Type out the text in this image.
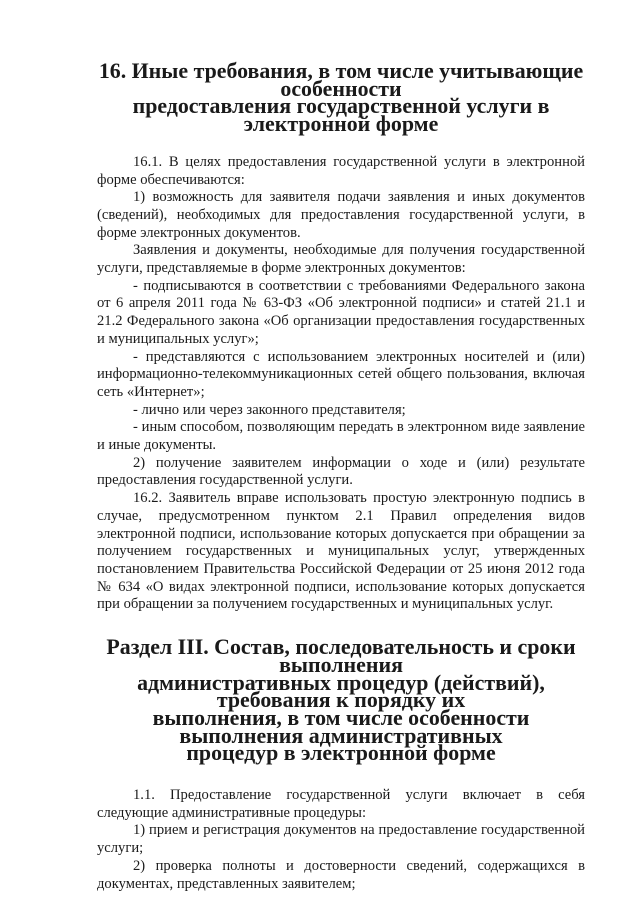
16. Иные требования, в том числе учитывающие особенности
предоставления государственной услуги в электронной форме

16.1. В целях предоставления государственной услуги в электронной форме обеспечиваются:

1) возможность для заявителя подачи заявления и иных документов (сведений), необходимых для предоставления государственной услуги, в форме электронных документов.

Заявления и документы, необходимые для получения государственной услуги, представляемые в форме электронных документов:

- подписываются в соответствии с требованиями Федерального закона от 6 апреля 2011 года № 63-ФЗ «Об электронной подписи» и статей 21.1 и 21.2 Федерального закона «Об организации предоставления государственных и муниципальных услуг»;

- представляются с использованием электронных носителей и (или) информационно-телекоммуникационных сетей общего пользования, включая сеть «Интернет»;

- лично или через законного представителя;

- иным способом, позволяющим передать в электронном виде заявление и иные документы.

2) получение заявителем информации о ходе и (или) результате предоставления государственной услуги.

16.2. Заявитель вправе использовать простую электронную подпись в случае, предусмотренном пунктом 2.1 Правил определения видов электронной подписи, использование которых допускается при обращении за получением государственных и муниципальных услуг, утвержденных постановлением Правительства Российской Федерации от 25 июня 2012 года № 634 «О видах электронной подписи, использование которых допускается при обращении за получением государственных и муниципальных услуг.

Раздел III. Состав, последовательность и сроки выполнения
административных процедур (действий), требования к порядку их
выполнения, в том числе особенности выполнения административных
процедур в электронной форме

1.1. Предоставление государственной услуги включает в себя следующие административные процедуры:

1) прием и регистрация документов на предоставление государственной услуги;

2) проверка полноты и достоверности сведений, содержащихся в документах, представленных заявителем;
